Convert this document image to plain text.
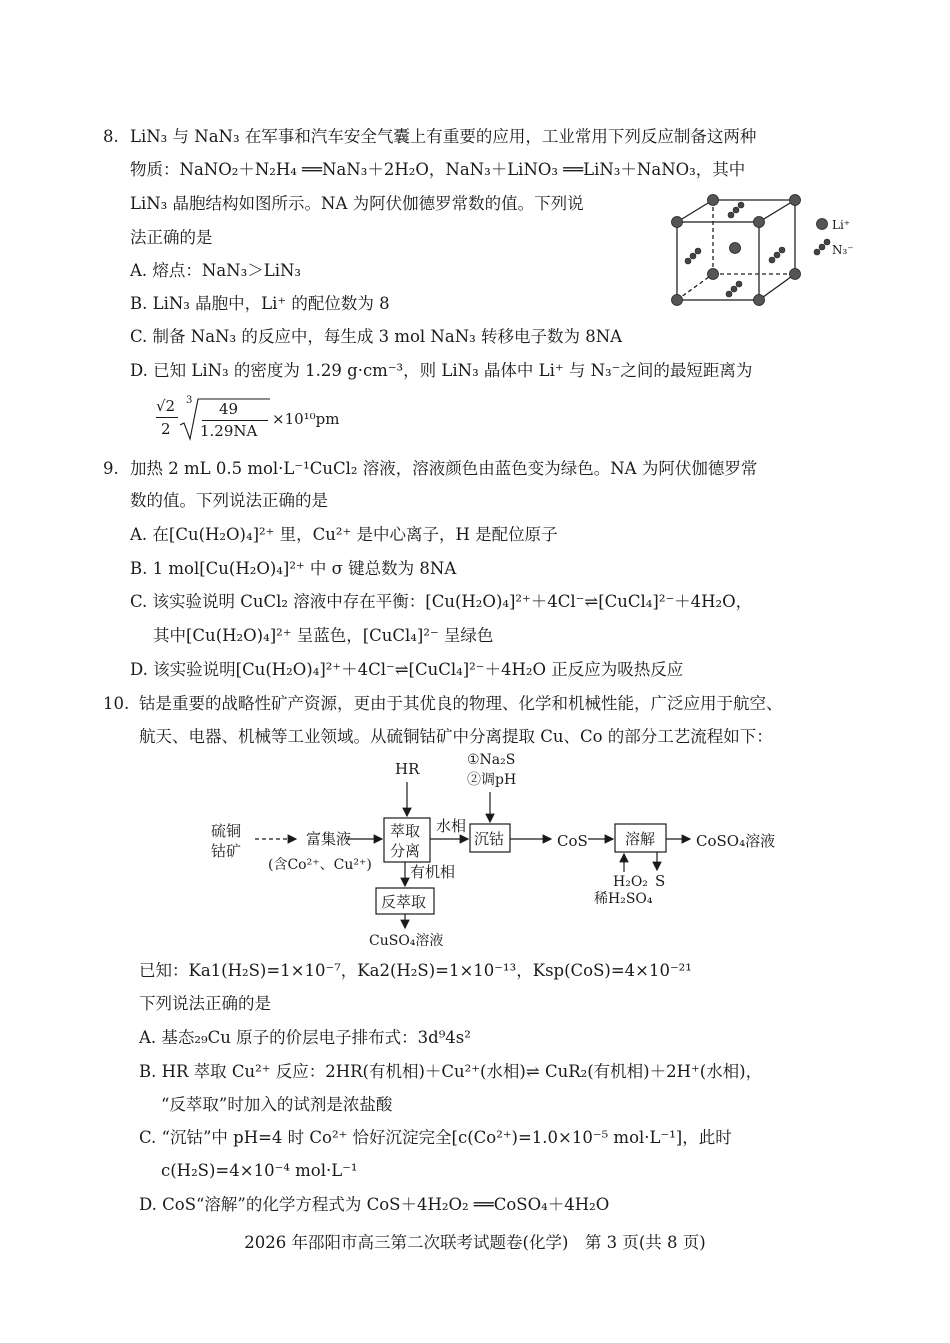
8. LiN₃ 与 NaN₃ 在军事和汽车安全气囊上有重要的应用，工业常用下列反应制备这两种
物质：NaNO₂＋N₂H₄ ══NaN₃＋2H₂O，NaN₃＋LiNO₃ ══LiN₃＋NaNO₃，其中
LiN₃ 晶胞结构如图所示。NA 为阿伏伽德罗常数的值。下列说
法正确的是
A. 熔点：NaN₃＞LiN₃
B. LiN₃ 晶胞中，Li⁺ 的配位数为 8
C. 制备 NaN₃ 的反应中，每生成 3 mol NaN₃ 转移电子数为 8NA
D. 已知 LiN₃ 的密度为 1.29 g·cm⁻³，则 LiN₃ 晶体中 Li⁺ 与 N₃⁻之间的最短距离为
√2
2
3 49
1.29NA
×10¹⁰pm
Li⁺
N₃⁻
9. 加热 2 mL 0.5 mol·L⁻¹CuCl₂ 溶液，溶液颜色由蓝色变为绿色。NA 为阿伏伽德罗常
数的值。下列说法正确的是
A. 在[Cu(H₂O)₄]²⁺ 里，Cu²⁺ 是中心离子，H 是配位原子
B. 1 mol[Cu(H₂O)₄]²⁺ 中 σ 键总数为 8NA
C. 该实验说明 CuCl₂ 溶液中存在平衡：[Cu(H₂O)₄]²⁺＋4Cl⁻⇌[CuCl₄]²⁻＋4H₂O，
其中[Cu(H₂O)₄]²⁺ 呈蓝色，[CuCl₄]²⁻ 呈绿色
D. 该实验说明[Cu(H₂O)₄]²⁺＋4Cl⁻⇌[CuCl₄]²⁻＋4H₂O 正反应为吸热反应
10. 钴是重要的战略性矿产资源，更由于其优良的物理、化学和机械性能，广泛应用于航空、
航天、电器、机械等工业领域。从硫铜钴矿中分离提取 Cu、Co 的部分工艺流程如下：
硫铜
钴矿
富集液
(含Co²⁺、Cu²⁺)
HR
水相
有机相
①Na₂S
②调pH
CoS	CoSO₄溶液
H₂O₂
稀H₂SO₄
S
CuSO₄溶液
萃取
分离
沉钴	溶解
反萃取
已知：Ka1(H₂S)=1×10⁻⁷，Ka2(H₂S)=1×10⁻¹³，Ksp(CoS)=4×10⁻²¹
下列说法正确的是
A. 基态₂₉Cu 原子的价层电子排布式：3d⁹4s²
B. HR 萃取 Cu²⁺ 反应：2HR(有机相)＋Cu²⁺(水相)⇌ CuR₂(有机相)＋2H⁺(水相)，
“反萃取”时加入的试剂是浓盐酸
C. “沉钴”中 pH=4 时 Co²⁺ 恰好沉淀完全[c(Co²⁺)=1.0×10⁻⁵ mol·L⁻¹]，此时
c(H₂S)=4×10⁻⁴ mol·L⁻¹
D. CoS“溶解”的化学方程式为 CoS＋4H₂O₂ ══CoSO₄＋4H₂O
2026 年邵阳市高三第二次联考试题卷(化学)　第 3 页(共 8 页)
